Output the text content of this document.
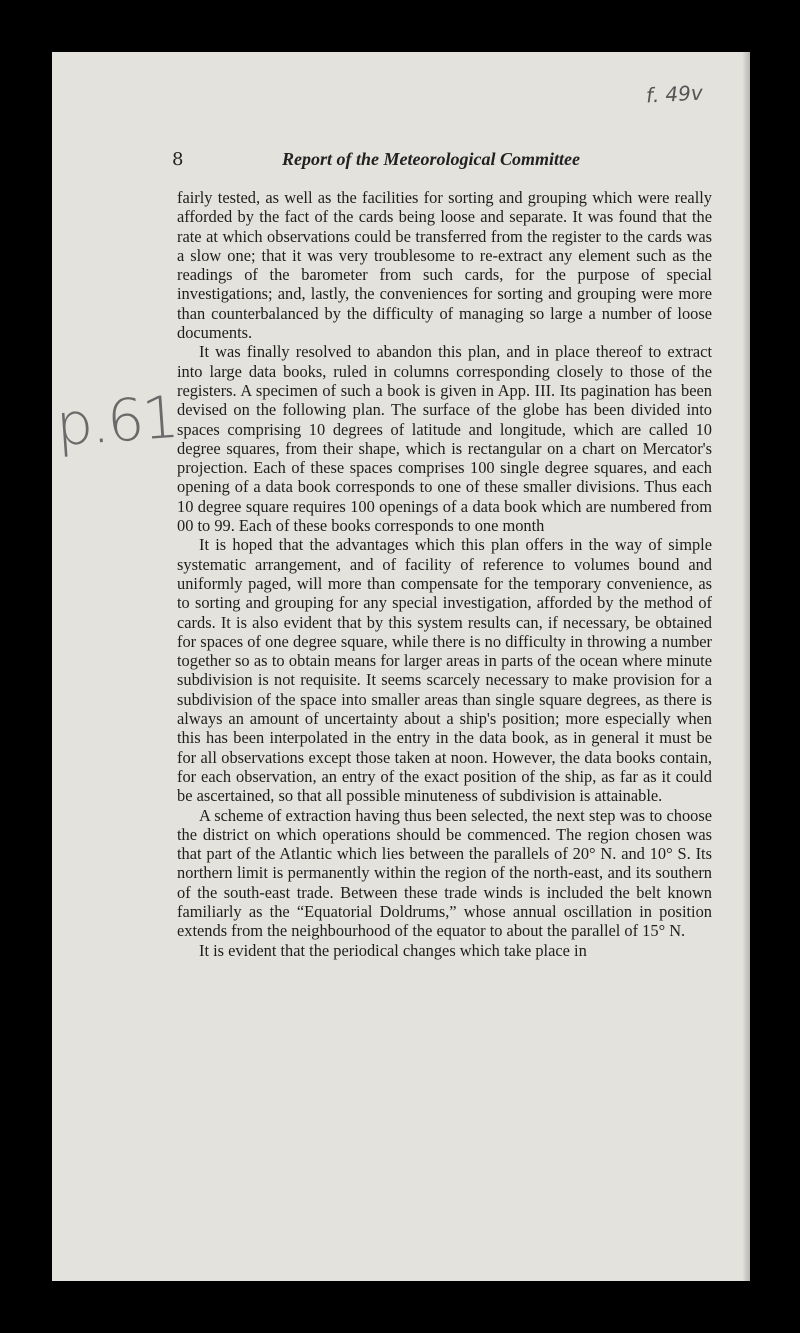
f. 49v
p.61
8	Report of the Meteorological Committee

fairly tested, as well as the facilities for sorting and grouping which were really afforded by the fact of the cards being loose and separate. It was found that the rate at which observations could be transferred from the register to the cards was a slow one; that it was very troublesome to re-extract any element such as the readings of the barometer from such cards, for the purpose of special investigations; and, lastly, the conveniences for sorting and grouping were more than counterbalanced by the difficulty of managing so large a number of loose documents.

It was finally resolved to abandon this plan, and in place thereof to extract into large data books, ruled in columns corresponding closely to those of the registers. A specimen of such a book is given in App. III. Its pagination has been devised on the following plan. The surface of the globe has been divided into spaces comprising 10 degrees of latitude and longitude, which are called 10 degree squares, from their shape, which is rectangular on a chart on Mercator's projection. Each of these spaces comprises 100 single degree squares, and each opening of a data book corresponds to one of these smaller divisions. Thus each 10 degree square requires 100 openings of a data book which are numbered from 00 to 99. Each of these books corresponds to one month

It is hoped that the advantages which this plan offers in the way of simple systematic arrangement, and of facility of reference to volumes bound and uniformly paged, will more than compensate for the temporary convenience, as to sorting and grouping for any special investigation, afforded by the method of cards. It is also evident that by this system results can, if necessary, be obtained for spaces of one degree square, while there is no difficulty in throwing a number together so as to obtain means for larger areas in parts of the ocean where minute subdivision is not requisite. It seems scarcely necessary to make provision for a subdivision of the space into smaller areas than single square degrees, as there is always an amount of uncertainty about a ship's position; more especially when this has been interpolated in the entry in the data book, as in general it must be for all observations except those taken at noon. However, the data books contain, for each observation, an entry of the exact position of the ship, as far as it could be ascertained, so that all possible minuteness of subdivision is attainable.

A scheme of extraction having thus been selected, the next step was to choose the district on which operations should be commenced. The region chosen was that part of the Atlantic which lies between the parallels of 20° N. and 10° S. Its northern limit is permanently within the region of the north-east, and its southern of the south-east trade. Between these trade winds is included the belt known familiarly as the “Equatorial Doldrums,” whose annual oscillation in position extends from the neighbourhood of the equator to about the parallel of 15° N.

It is evident that the periodical changes which take place in
